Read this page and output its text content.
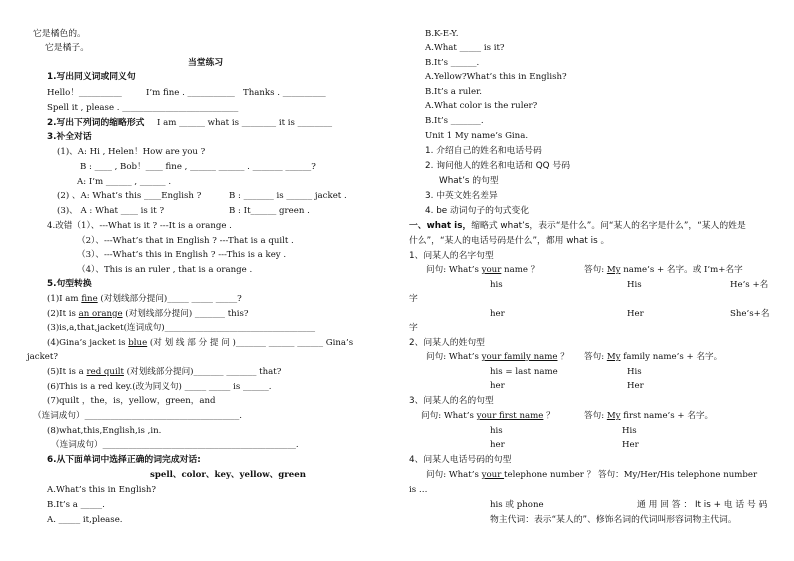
它是橘色的。
它是橘子。
当堂练习
1.写出同义词或同义句
Hello！__________	I’m fine . ___________ Thanks . __________
Spell it , please . ___________________________
2.写出下列词的缩略形式 I am ______ what is ________ it is ________
3.补全对话
(1)、A: Hi , Helen！How are you ?
B : ____ , Bob！____ fine , ______ ______ . _______ ______?
A: I’m ______ , ______ .
(2) 、A: What’s this ____English ?	B : _______ is ______ jacket .
(3)、 A : What ____ is it ?	B : It______ green .
4.改错（1）、---What is it ? ---It is a orange .
（2）、---What’s that in English ? ---That is a quilt .
（3）、---What’s this in English ? ---This is a key .
（4）、This is an ruler , that is a orange .
5.句型转换
(1)I am fine (对划线部分提问)_____ _____ _____?
(2)It is an orange (对划线部分提问) _______ this?
(3)is,a,that,jacket(连词成句)___________________________________
(4)Gina’s jacket is blue (对 划 线 部 分 提 问 )_______ ______ ______ Gina’s
jacket?
(5)It is a red quilt (对划线部分提问)_______ _______ that?
(6)This is a red key.(改为同义句) _____ _____ is ______.
(7)quilt ，the，is，yellow，green，and
（连词成句）____________________________________.
(8)what,this,English,is ,in.
（连词成句）_____________________________________________.
6.从下面单词中选择正确的词完成对话:
spell、color、key、yellow、green
A.What’s this in English?
B.It’s a _____.
A. _____ it,please.
B.K-E-Y.
A.What _____ is it?
B.It’s ______.
A.Yellow?What’s this in English?
B.It’s a ruler.
A.What color is the ruler?
B.It’s _______.
Unit 1 My name’s Gina.
1. 介绍自己的姓名和电话号码
2. 询问他人的姓名和电话和 QQ 号码
What’s 的句型
3. 中英文姓名差异
4. be 动词句子的句式变化
一、what is，缩略式 what’s，表示“是什么”。问“某人的名字是什么”，“某人的姓是
什么”，“某人的电话号码是什么”，都用 what is 。
1、问某人的名字句型
问句: What’s your name ？	答句: My name’s + 名字。或 I’m+名字
his	His	He’s +名
字
her	Her	She’s+名
字
2、问某人的姓句型
问句: What’s your family name ？ 答句: My family name’s + 名字。
his = last name	His
her	Her
3、问某人的名的句型
问句: What’s your first name ？	答句: My first name’s + 名字。
his	His
her	Her
4、问某人电话号码的句型
问句: What’s your telephone number ？ 答句：My/Her/His telephone number
is …
his 或 phone	通 用 回 答 ： It is + 电 话 号 码
物主代词：表示“某人的”、修饰名词的代词叫形容词物主代词。
